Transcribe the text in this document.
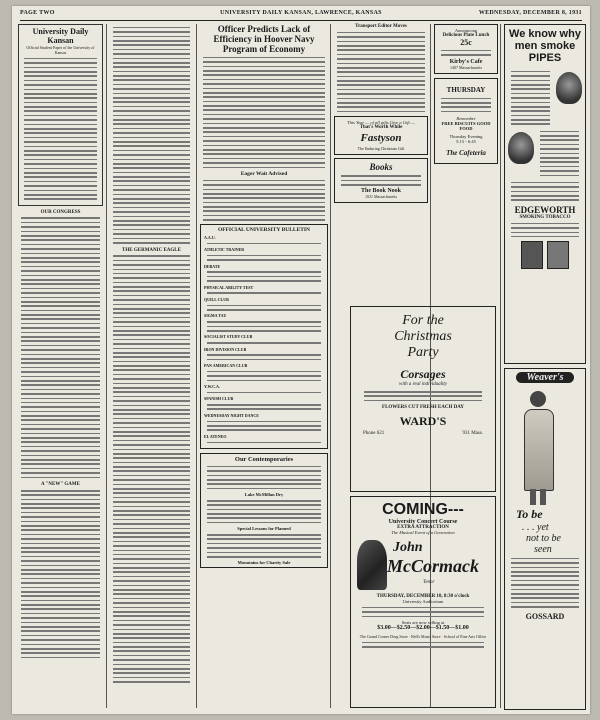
PAGE TWO	UNIVERSITY DAILY KANSAN, LAWRENCE, KANSAS	WEDNESDAY, DECEMBER 8, 1931
University Daily Kansan
Official Student Paper of the University of Kansas
OUR CONGRESS
A "NEW" GAME
THE GERMANIC EAGLE
Officer Predicts Lack of Efficiency in Hoover Navy Program of Economy
Eager Wait Advised
OFFICIAL UNIVERSITY BULLETIN
A.A.U.
ATHLETIC TRAINER
DEBATE
PHYSICAL ABILITY TEST
QUILL CLUB
SIGMA TAU
SOCIALIST STUDY CLUB
IRON DIVISION CLUB
PAN AMERICAN CLUB
Y.W.C.A.
SPANISH CLUB
WEDNESDAY NIGHT DANCE
EL ATENEO
Our Contemporaries
Lake McMillan Dry
Special Lessons for Planned
Mountains for Charity Sale
Transport Editor Moves
This Year — of all gifts Give a Gift —
That's Worth While
Fastyson
The Enduring Christmas Gift
Books
The Book Nook
1021 Massachusetts
Announcing
Delicious Plate Lunch
25c
Kirby's Cafe
1407 Massachusetts
THURSDAY
Remember
FREE BISCUITS GOOD FOOD
Thursday Evening
5:15 - 6:45
The Cafeteria
For the
Christmas
Party
Corsages
with a real individuality
FLOWERS CUT FRESH EACH DAY
WARD'S
Phone 621	931 Mass.
COMING---
University Concert Course
EXTRA ATTRACTION
The Musical Event of a Generation
John
McCormack
Tenor
THURSDAY, DECEMBER 10, 8:30 o'clock
University Auditorium
Seats are now selling at
$3.00—$2.50—$2.00—$1.50—$1.00
The Grand Corner Drug Store · Bell's Music Store · School of Fine Arts Office
We know why men smoke PIPES
EDGEWORTH
SMOKING TOBACCO
Weaver's
To be
. . . yet
not to be
seen
GOSSARD
